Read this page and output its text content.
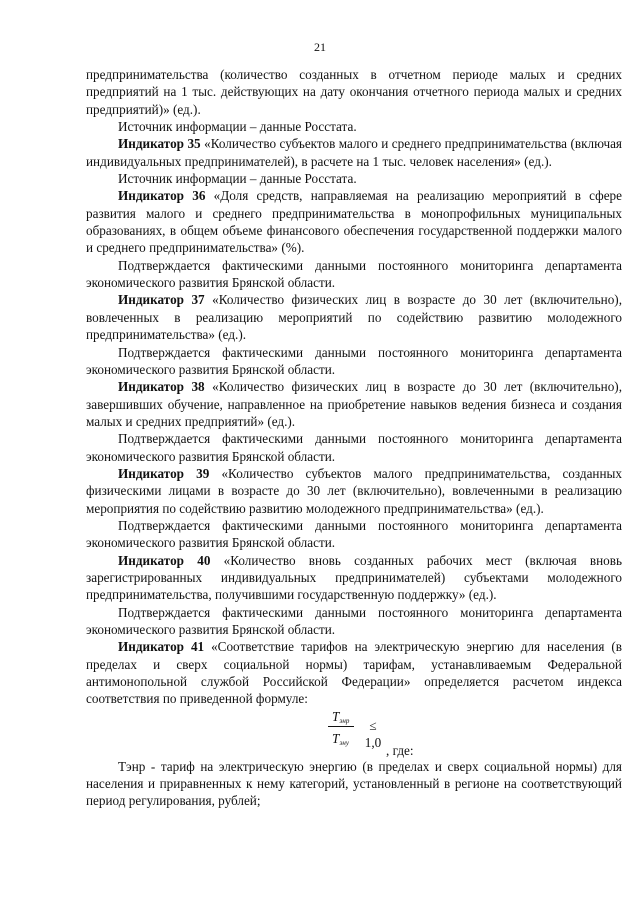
21

предпринимательства (количество созданных в отчетном периоде малых и средних предприятий на 1 тыс. действующих на дату окончания отчетного периода малых и средних предприятий)» (ед.).

Источник информации – данные Росстата.

Индикатор 35 «Количество субъектов малого и среднего предпринимательства (включая индивидуальных предпринимателей), в расчете на 1 тыс. человек населения» (ед.).

Источник информации – данные Росстата.

Индикатор 36 «Доля средств, направляемая на реализацию мероприятий в сфере развития малого и среднего предпринимательства в монопрофильных муниципальных образованиях, в общем объеме финансового обеспечения государственной поддержки малого и среднего предпринимательства» (%).

Подтверждается фактическими данными постоянного мониторинга департамента экономического развития Брянской области.

Индикатор 37 «Количество физических лиц в возрасте до 30 лет (включительно), вовлеченных в реализацию мероприятий по содействию развитию молодежного предпринимательства» (ед.).

Подтверждается фактическими данными постоянного мониторинга департамента экономического развития Брянской области.

Индикатор 38 «Количество физических лиц в возрасте до 30 лет (включительно), завершивших обучение, направленное на приобретение навыков ведения бизнеса и создания малых и средних предприятий» (ед.).

Подтверждается фактическими данными постоянного мониторинга департамента экономического развития Брянской области.

Индикатор 39 «Количество субъектов малого предпринимательства, созданных физическими лицами в возрасте до 30 лет (включительно), вовлеченными в реализацию мероприятия по содействию развитию молодежного предпринимательства» (ед.).

Подтверждается фактическими данными постоянного мониторинга департамента экономического развития Брянской области.

Индикатор 40 «Количество вновь созданных рабочих мест (включая вновь зарегистрированных индивидуальных предпринимателей) субъектами молодежного предпринимательства, получившими государственную поддержку» (ед.).

Подтверждается фактическими данными постоянного мониторинга департамента экономического развития Брянской области.

Индикатор 41 «Соответствие тарифов на электрическую энергию для населения (в пределах и сверх социальной нормы) тарифам, устанавливаемым Федеральной антимонопольной службой Российской Федерации» определяется расчетом индекса соответствия по приведенной формуле:

$T_{энр}$
$T_{эну}$
≤ 1,0
, где:

Тэнр - тариф на электрическую энергию (в пределах и сверх социальной нормы) для населения и приравненных к нему категорий, установленный в регионе на соответствующий период регулирования, рублей;
